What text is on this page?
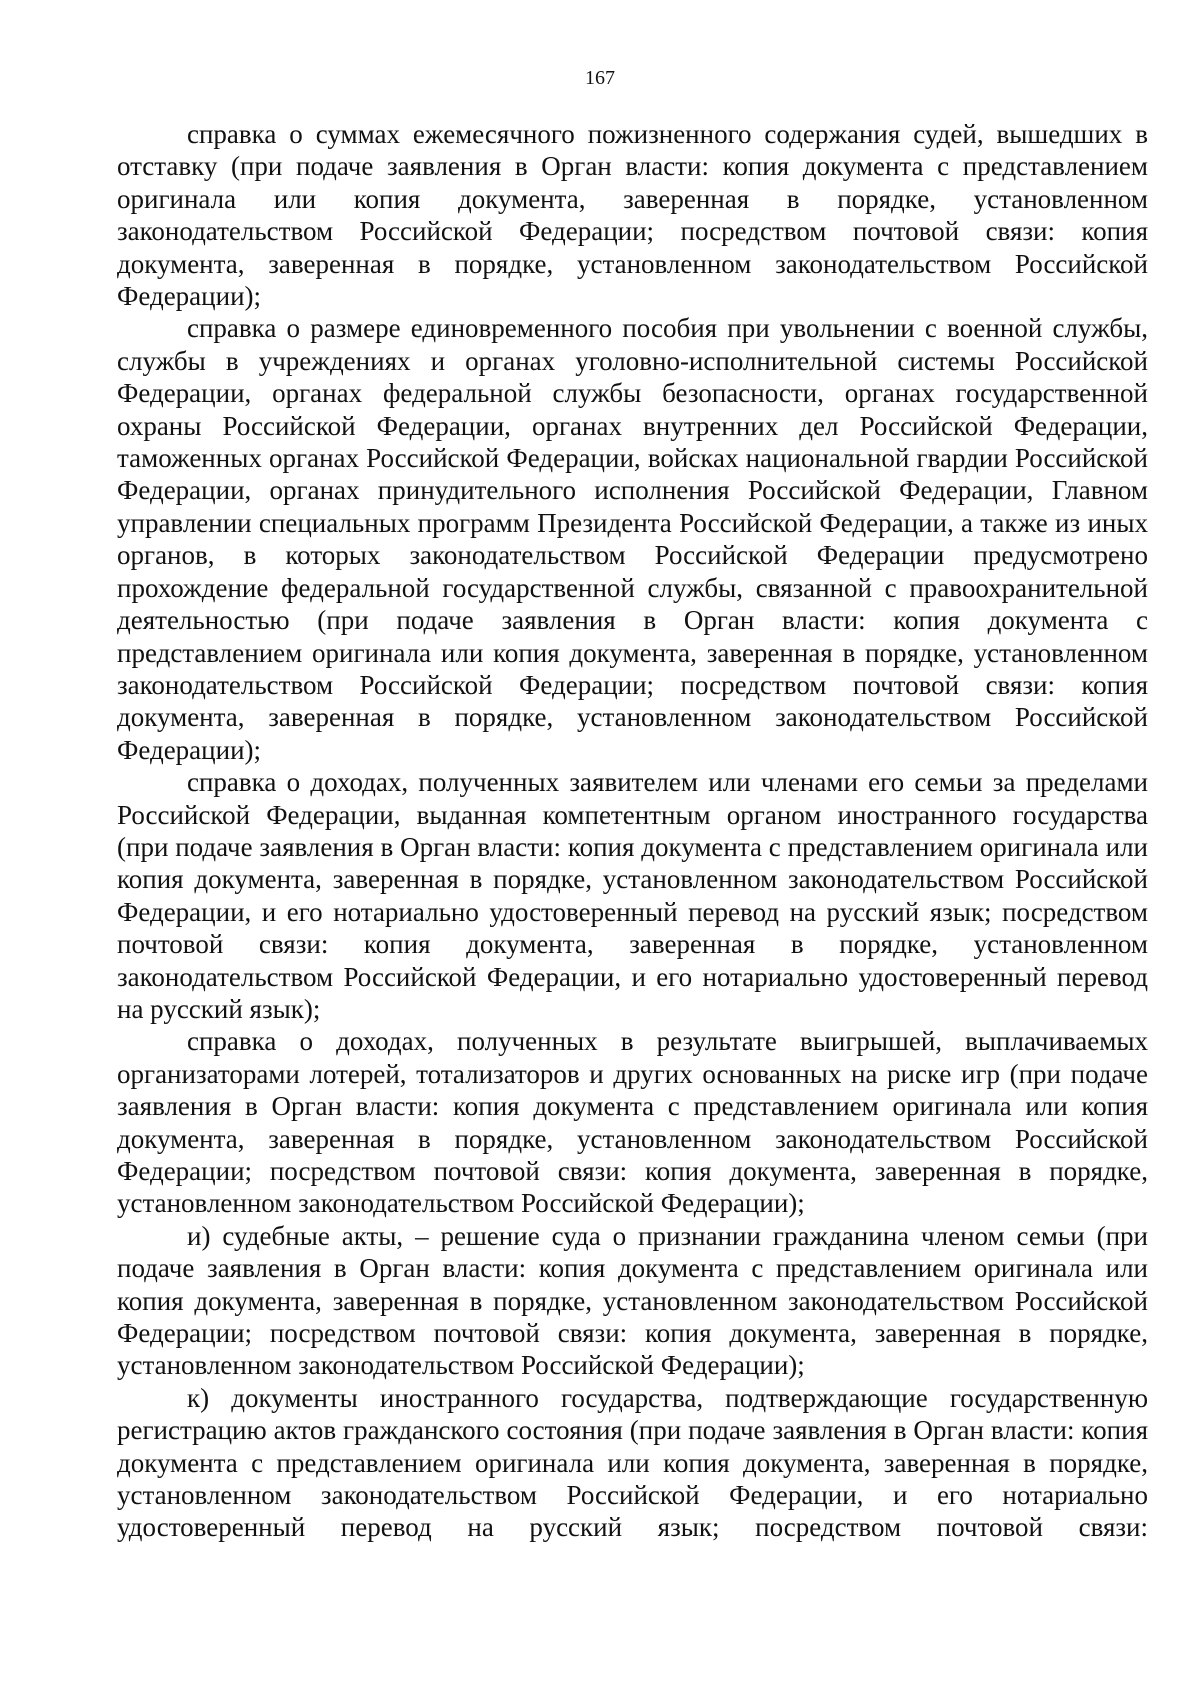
167

справка о суммах ежемесячного пожизненного содержания судей, вышедших в отставку (при подаче заявления в Орган власти: копия документа с представлением оригинала или копия документа, заверенная в порядке, установленном законодательством Российской Федерации; посредством почтовой связи: копия документа, заверенная в порядке, установленном законодательством Российской Федерации);

справка о размере единовременного пособия при увольнении с военной службы, службы в учреждениях и органах уголовно-исполнительной системы Российской Федерации, органах федеральной службы безопасности, органах государственной охраны Российской Федерации, органах внутренних дел Российской Федерации, таможенных органах Российской Федерации, войсках национальной гвардии Российской Федерации, органах принудительного исполнения Российской Федерации, Главном управлении специальных программ Президента Российской Федерации, а также из иных органов, в которых законодательством Российской Федерации предусмотрено прохождение федеральной государственной службы, связанной с правоохранительной деятельностью (при подаче заявления в Орган власти: копия документа с представлением оригинала или копия документа, заверенная в порядке, установленном законодательством Российской Федерации; посредством почтовой связи: копия документа, заверенная в порядке, установленном законодательством Российской Федерации);

справка о доходах, полученных заявителем или членами его семьи за пределами Российской Федерации, выданная компетентным органом иностранного государства (при подаче заявления в Орган власти: копия документа с представлением оригинала или копия документа, заверенная в порядке, установленном законодательством Российской Федерации, и его нотариально удостоверенный перевод на русский язык; посредством почтовой связи: копия документа, заверенная в порядке, установленном законодательством Российской Федерации, и его нотариально удостоверенный перевод на русский язык);

справка о доходах, полученных в результате выигрышей, выплачиваемых организаторами лотерей, тотализаторов и других основанных на риске игр (при подаче заявления в Орган власти: копия документа с представлением оригинала или копия документа, заверенная в порядке, установленном законодательством Российской Федерации; посредством почтовой связи: копия документа, заверенная в порядке, установленном законодательством Российской Федерации);

и) судебные акты, – решение суда о признании гражданина членом семьи (при подаче заявления в Орган власти: копия документа с представлением оригинала или копия документа, заверенная в порядке, установленном законодательством Российской Федерации; посредством почтовой связи: копия документа, заверенная в порядке, установленном законодательством Российской Федерации);

к) документы иностранного государства, подтверждающие государственную регистрацию актов гражданского состояния (при подаче заявления в Орган власти: копия документа с представлением оригинала или копия документа, заверенная в порядке, установленном законодательством Российской Федерации, и его нотариально удостоверенный перевод на русский язык; посредством почтовой связи:
